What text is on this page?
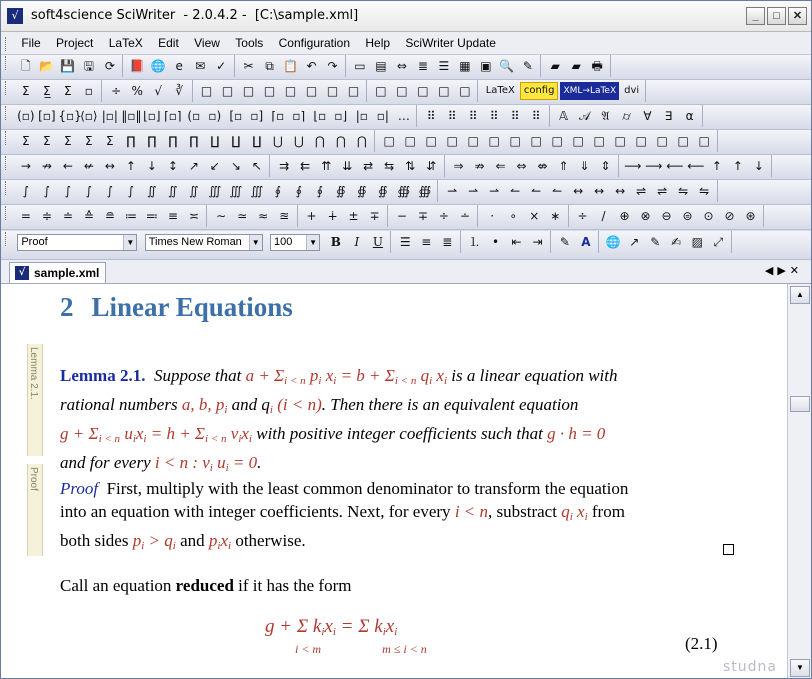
√ soft4science SciWriter  - 2.0.4.2 -  [C:\sample.xml]	_ □ ✕
File Project LaTeX Edit View Tools Configuration Help SciWriter Update
🗋 📂 💾 🖫 ⟳ 📕 🌐 e ✉ ✓ ✂ ⧉ 📋 ↶ ↷ ▭ ▤ ⇔ ≣ ☰ ▦ ▣ 🔍 ✎ ▰ ▰ 🖶
Σ Σ̲ Σ ▫ ÷ % √ ∛ □ □ □ □ □ □ □ □ □ □ □ □ □ LaTeX config XML→LaTeX dvi
(▫) [▫] {▫}⟨▫⟩ |▫| ‖▫‖ ⌊▫⌋ ⌈▫⌉ (▫ ▫) [▫ ▫] ⌈▫ ▫⌉ ⌊▫ ▫⌋ |▫ ▫| … ⠿ ⠿ ⠿ ⠿ ⠿ ⠿ 𝔸 𝒜 𝔄 ⌭ ∀ ∃ α
Σ Σ Σ Σ Σ ∏ ∏ ∏ ∏ ∐ ∐ ∐ ⋃ ⋃ ⋂ ⋂ ⋂ □ □ □ □ □ □ □ □ □ □ □ □ □ □ □ □
→ ↛ ← ↚ ↔ ↑ ↓ ↕ ↗ ↙ ↘ ↖ ⇉ ⇇ ⇈ ⇊ ⇄ ⇆ ⇅ ⇵ ⇒ ⇏ ⇐ ⇔ ⇎ ⇑ ⇓ ⇕ ⟶ ⟶ ⟵ ⟵ ↑ ↑ ↓
∫ ∫ ∫ ∫ ∫ ∫ ∬ ∬ ∬ ∭ ∭ ∭ ∮ ∮ ∮ ∯ ∯ ∯ ∰ ∰ ⇀ ⇀ ⇀ ↼ ↼ ↼ ↔ ↔ ↔ ⇌ ⇌ ⇋ ⇋
= ≑ ≐ ≙ ≘ ≔ ≕ ≡ ≍ ∼ ≃ ≈ ≊ + ∔ ± ∓ − ∓ ÷ ∸ · ∘ × ∗ ÷ / ⊕ ⊗ ⊖ ⊜ ⊙ ⊘ ⊛
Proof	▼ Times New Roman	▼ 100	▼ B I U ☰ ≡ ≣ ⒈ • ⇤ ⇥ ✎ A 🌐 ↗ ✎ ✍ ▨ ⤢
√ sample.xml	◀▶✕
2 Linear Equations
Lemma 2.1.
Proof
Lemma 2.1. Suppose that $a + \Sigma_{i < n}$ $p_i$ $x_i = b + \Sigma_{i < n}$ $q_i$ $x_i$ is a linear equation with
rational numbers a, b, $p_i$ and $q_i$ (i < n). Then there is an equivalent equation
$g + \Sigma_{i < n}$ $u_ix_i = h + \Sigma_{i < n}$ $v_ix_i$ with positive integer coefficients such that g · h = 0
and for every i < n : $v_i$ $u_i = 0$.
Proof First, multiply with the least common denominator to transform the equation
into an equation with integer coefficients. Next, for every i < n, substract $q_i$ $x_i$ from
both sides $p_i > q_i$ and $p_ix_i$ otherwise.
Call an equation reduced if it has the form
g + Σ $k_ix_i = \Sigma$ $k_ix_i$
i < m	m ≤ i < n	(2.1)
studna
▲
▼
